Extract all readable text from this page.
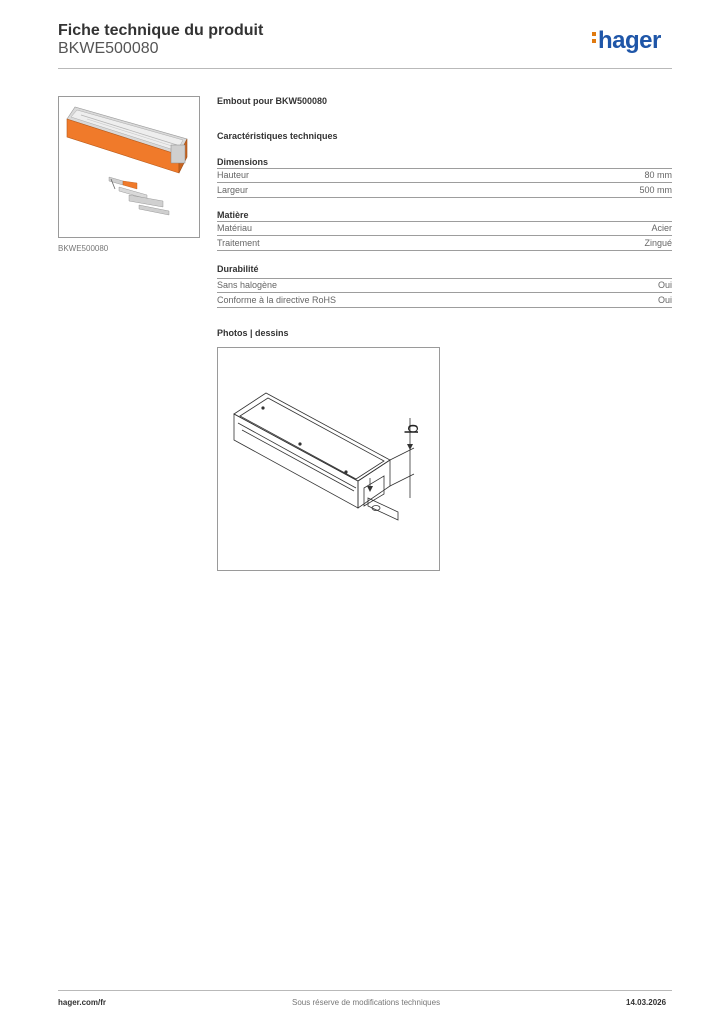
Fiche technique du produit
BKWE500080	hager
BKWE500080
Embout pour BKW500080
Caractéristiques techniques
Dimensions
Hauteur	80 mm
Largeur	500 mm
Matière
Matériau	Acier
Traitement	Zingué
Durabilité
Sans halogène	Oui
Conforme à la directive RoHS	Oui
Photos | dessins
b
hager.com/fr	Sous réserve de modifications techniques	14.03.2026
